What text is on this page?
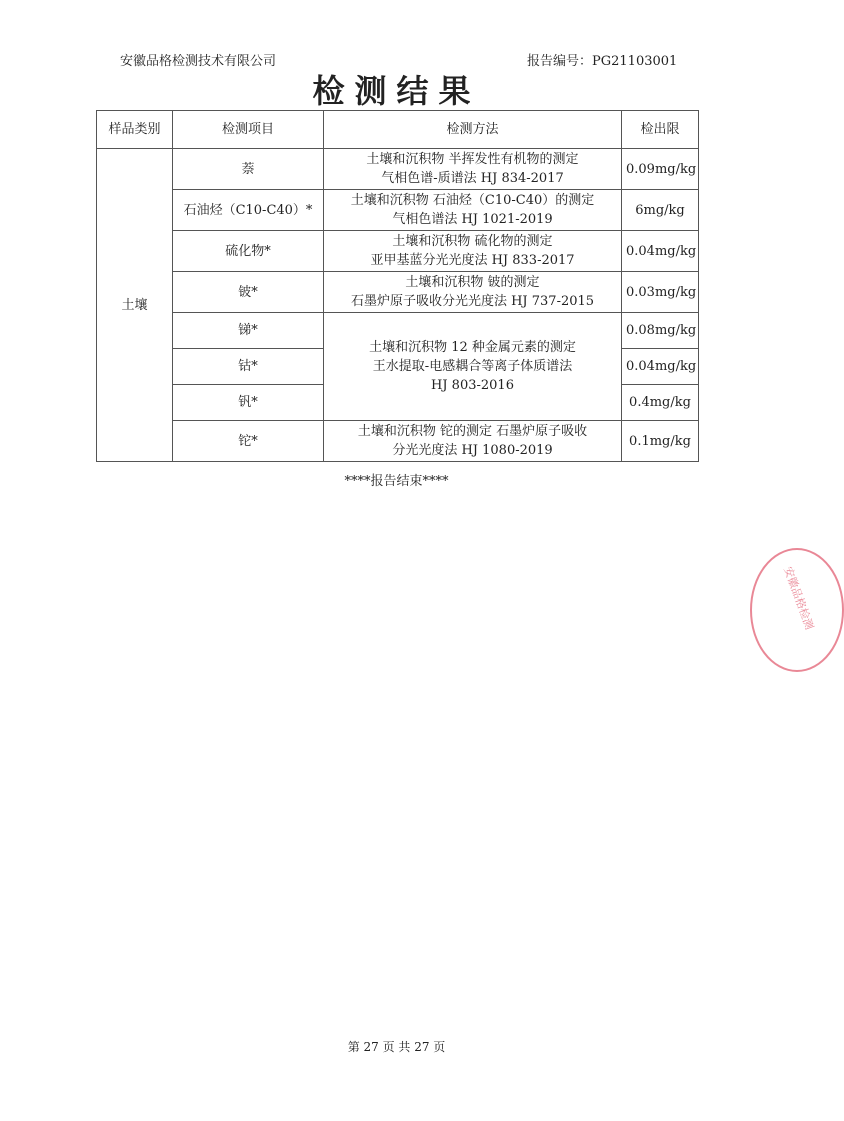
安徽品格检测技术有限公司	报告编号：PG21103001
检测结果
样品类别	检测项目	检测方法	检出限
土壤	萘	土壤和沉积物 半挥发性有机物的测定
气相色谱-质谱法 HJ 834-2017	0.09mg/kg
	石油烃（C10-C40）*	土壤和沉积物 石油烃（C10-C40）的测定
气相色谱法 HJ 1021-2019	6mg/kg
	硫化物*	土壤和沉积物 硫化物的测定
亚甲基蓝分光光度法 HJ 833-2017	0.04mg/kg
	铍*	土壤和沉积物 铍的测定
石墨炉原子吸收分光光度法 HJ 737-2015	0.03mg/kg
	锑*	土壤和沉积物 12 种金属元素的测定
王水提取-电感耦合等离子体质谱法
HJ 803-2016	0.08mg/kg
	钴*		0.04mg/kg
	钒*		0.4mg/kg
	铊*	土壤和沉积物 铊的测定 石墨炉原子吸收
分光光度法 HJ 1080-2019	0.1mg/kg
****报告结束****
第 27 页 共 27 页
安徽品格检测
